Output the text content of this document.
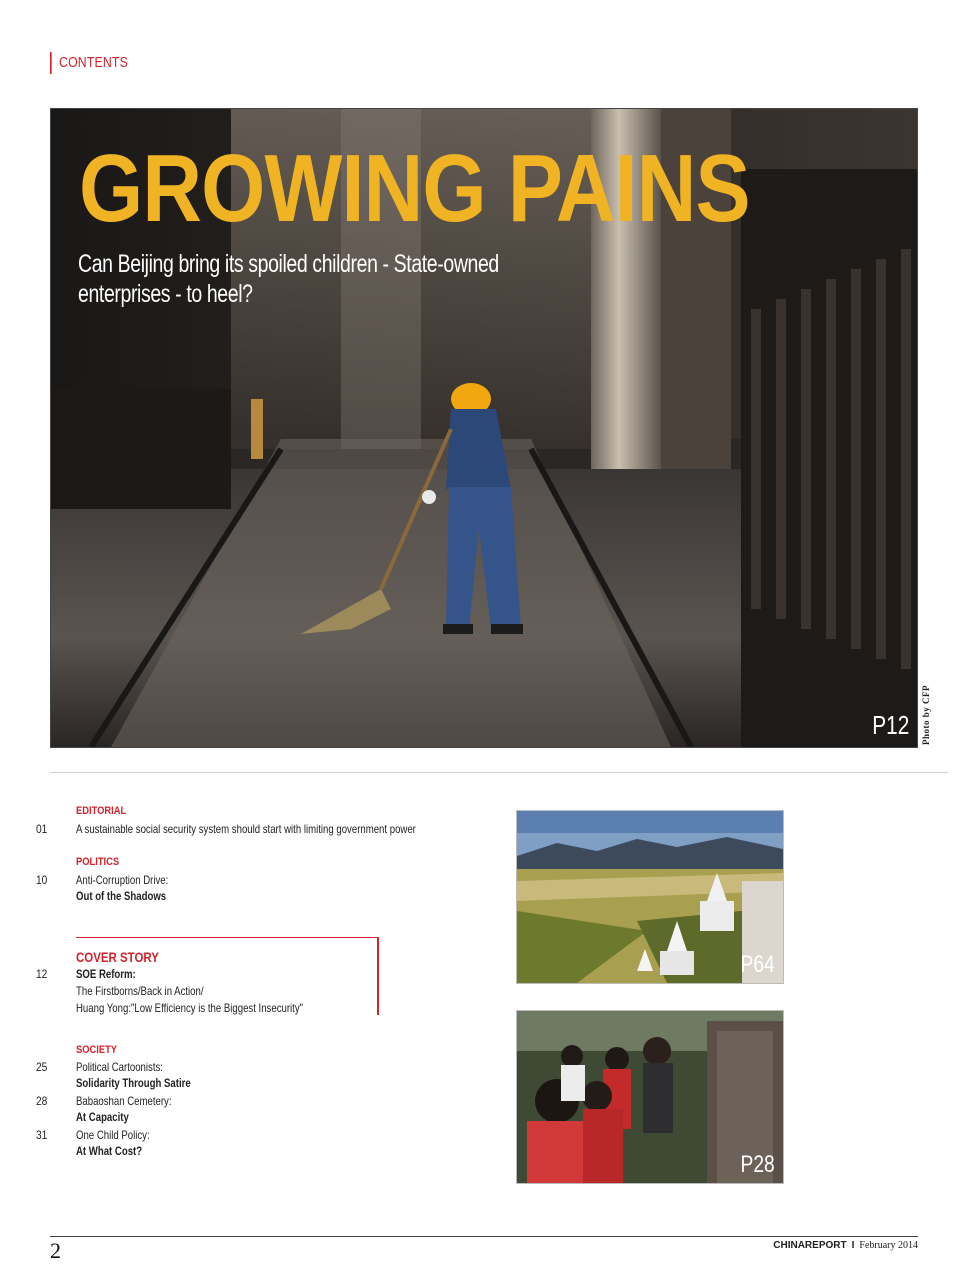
CONTENTS
GROWING PAINS

Can Beijing bring its spoiled children - State-owned enterprises - to heel?

P12 Photo by CFP
EDITORIAL
01	A sustainable social security system should start with limiting government power
POLITICS
10	Anti-Corruption Drive:
Out of the Shadows
COVER STORY
12	SOE Reform:
The Firstborns/Back in Action/
Huang Yong:"Low Efficiency is the Biggest Insecurity"
SOCIETY
25	Political Cartoonists:
Solidarity Through Satire
28	Babaoshan Cemetery:
At Capacity
31	One Child Policy:
At What Cost?
P64
P28
2	CHINAREPORT I February 2014
